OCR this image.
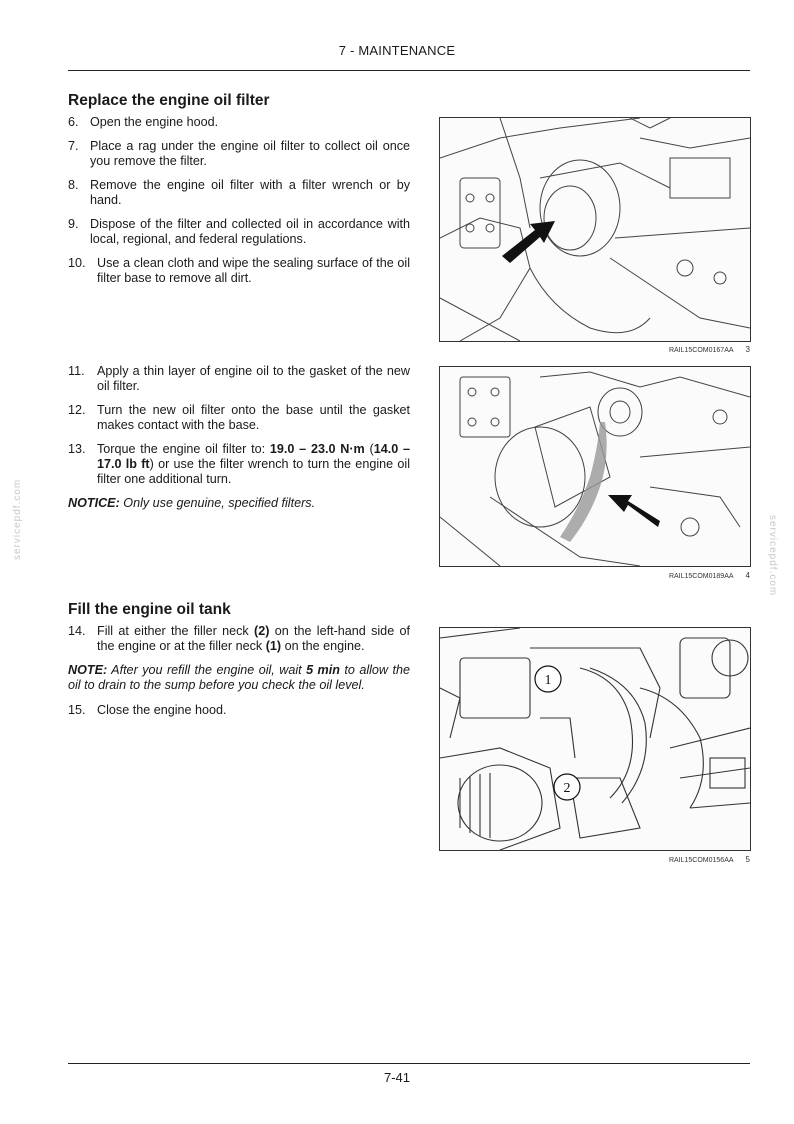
7 - MAINTENANCE
servicepdf.com	servicepdf.com
Replace the engine oil filter
6. Open the engine hood.
7. Place a rag under the engine oil filter to collect oil once you remove the filter.
8. Remove the engine oil filter with a filter wrench or by hand.
9. Dispose of the filter and collected oil in accordance with local, regional, and federal regulations.
10. Use a clean cloth and wipe the sealing surface of the oil filter base to remove all dirt.
RAIL15COM0167AA 3
11. Apply a thin layer of engine oil to the gasket of the new oil filter.
12. Turn the new oil filter onto the base until the gasket makes contact with the base.
13. Torque the engine oil filter to: 19.0 – 23.0 N·m (14.0 – 17.0 lb ft) or use the filter wrench to turn the engine oil filter one additional turn.
NOTICE: Only use genuine, specified filters.
RAIL15COM0189AA 4
Fill the engine oil tank
14. Fill at either the filler neck (2) on the left-hand side of the engine or at the filler neck (1) on the engine.
NOTE: After you refill the engine oil, wait 5 min to allow the oil to drain to the sump before you check the oil level.
15. Close the engine hood.
1
2
RAIL15COM0156AA 5
7-41
